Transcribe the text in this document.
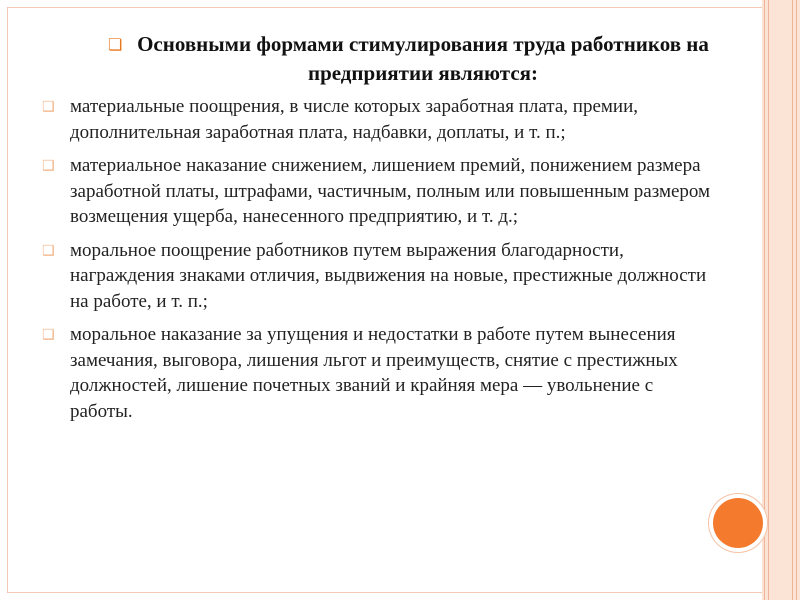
❏ Основными формами стимулирования труда работников на предприятии являются:
❑ материальные поощрения, в числе которых заработная плата, премии, дополнительная заработная плата, надбавки, доплаты, и т. п.;
❑ материальное наказание снижением, лишением премий, понижением размера заработной платы, штрафами, частичным, полным или повышенным размером возмещения ущерба, нанесенного предприятию, и т. д.;
❑ моральное поощрение работников путем выражения благодарности, награждения знаками отличия, выдвижения на новые, престижные должности на работе, и т. п.;
❑ моральное наказание за упущения и недостатки в работе путем вынесения замечания, выговора, лишения льгот и преимуществ, снятие с престижных должностей, лишение почетных званий и крайняя мера — увольнение с работы.
